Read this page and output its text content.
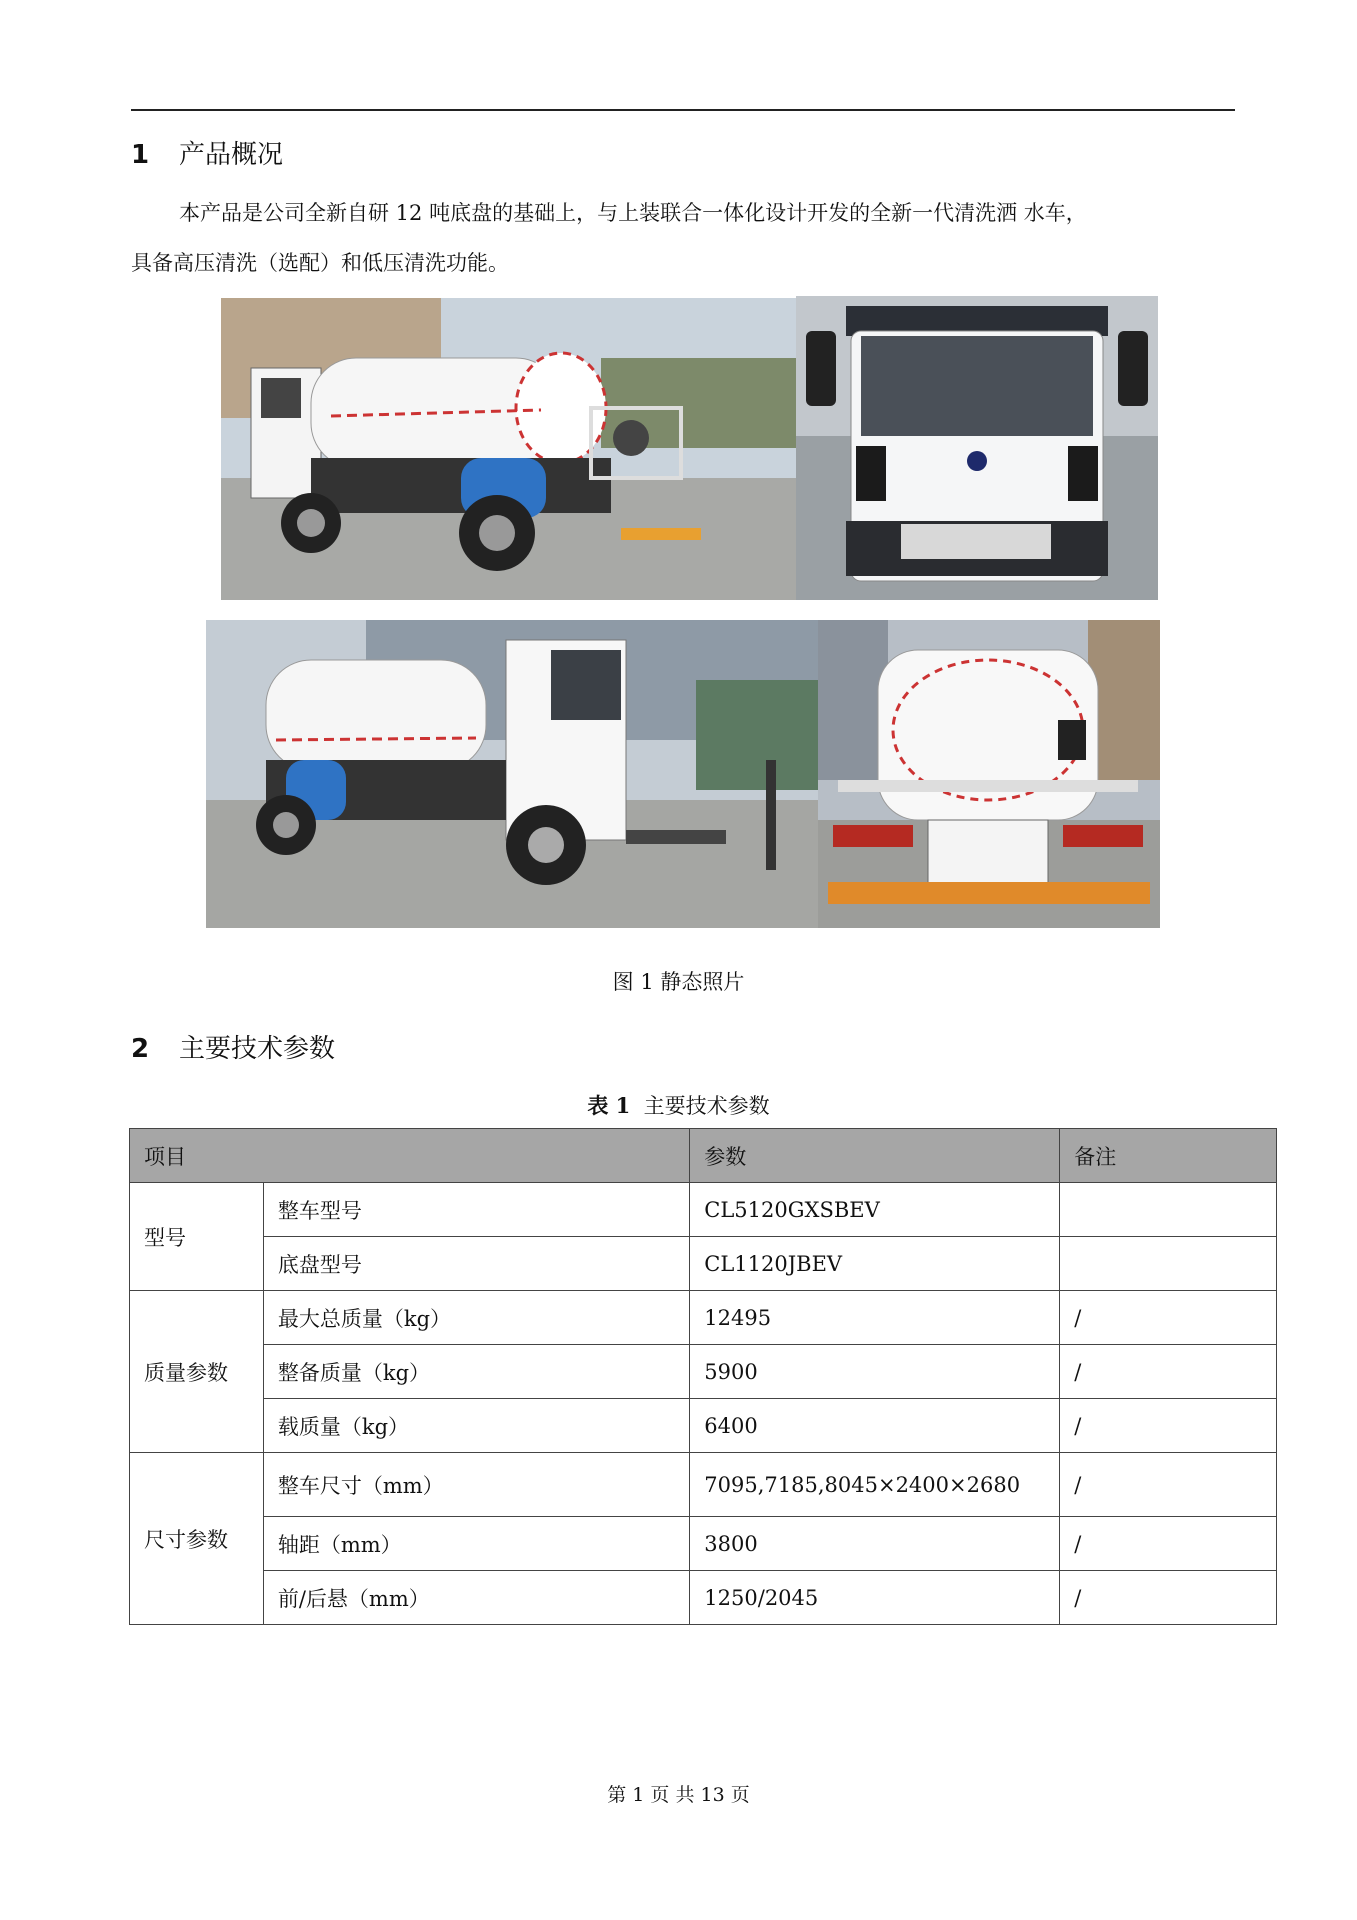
1 产品概况
本产品是公司全新自研 12 吨底盘的基础上，与上装联合一体化设计开发的全新一代清洗洒 水车，
具备高压清洗（选配）和低压清洗功能。
图 1 静态照片
2 主要技术参数
表 1 主要技术参数
项目		参数	备注
型号	整车型号	CL5120GXSBEV	
	底盘型号	CL1120JBEV	
质量参数	最大总质量（kg）	12495	/
	整备质量（kg）	5900	/
	载质量（kg）	6400	/
尺寸参数	整车尺寸（mm）	7095,7185,8045×2400×2680	/
	轴距（mm）	3800	/
	前/后悬（mm）	1250/2045	/
第 1 页 共 13 页
